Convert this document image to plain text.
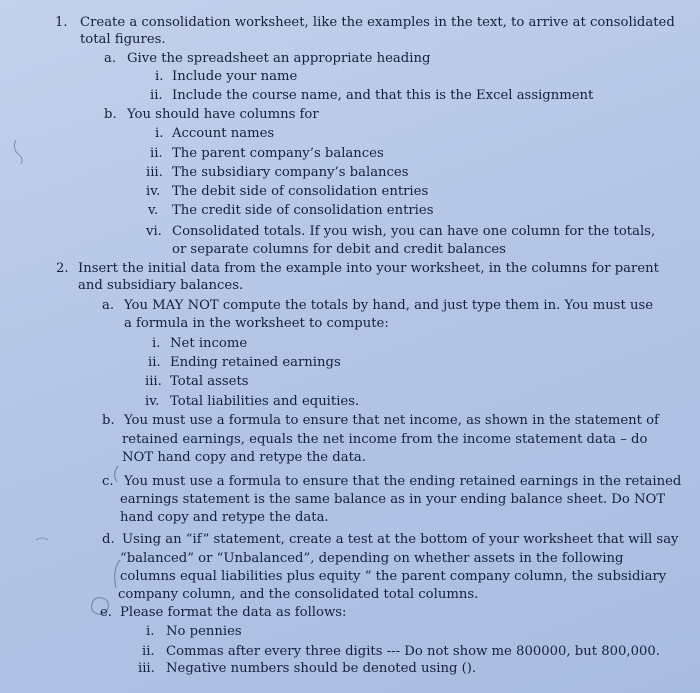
1. Create a consolidation worksheet, like the examples in the text, to arrive at consolidated
total figures.
a. Give the spreadsheet an appropriate heading
i. Include your name
ii. Include the course name, and that this is the Excel assignment
b. You should have columns for
i. Account names
ii. The parent company’s balances
iii. The subsidiary company’s balances
iv. The debit side of consolidation entries
v. The credit side of consolidation entries
vi. Consolidated totals. If you wish, you can have one column for the totals,
or separate columns for debit and credit balances
2. Insert the initial data from the example into your worksheet, in the columns for parent
and subsidiary balances.
a. You MAY NOT compute the totals by hand, and just type them in. You must use
a formula in the worksheet to compute:
i. Net income
ii. Ending retained earnings
iii. Total assets
iv. Total liabilities and equities.
b. You must use a formula to ensure that net income, as shown in the statement of
retained earnings, equals the net income from the income statement data – do
NOT hand copy and retype the data.
c. You must use a formula to ensure that the ending retained earnings in the retained
earnings statement is the same balance as in your ending balance sheet. Do NOT
hand copy and retype the data.
d. Using an “if” statement, create a test at the bottom of your worksheet that will say
“balanced” or “Unbalanced”, depending on whether assets in the following
columns equal liabilities plus equity “ the parent company column, the subsidiary
company column, and the consolidated total columns.
e. Please format the data as follows:
i. No pennies
ii. Commas after every three digits --- Do not show me 800000, but 800,000.
iii. Negative numbers should be denoted using ().
